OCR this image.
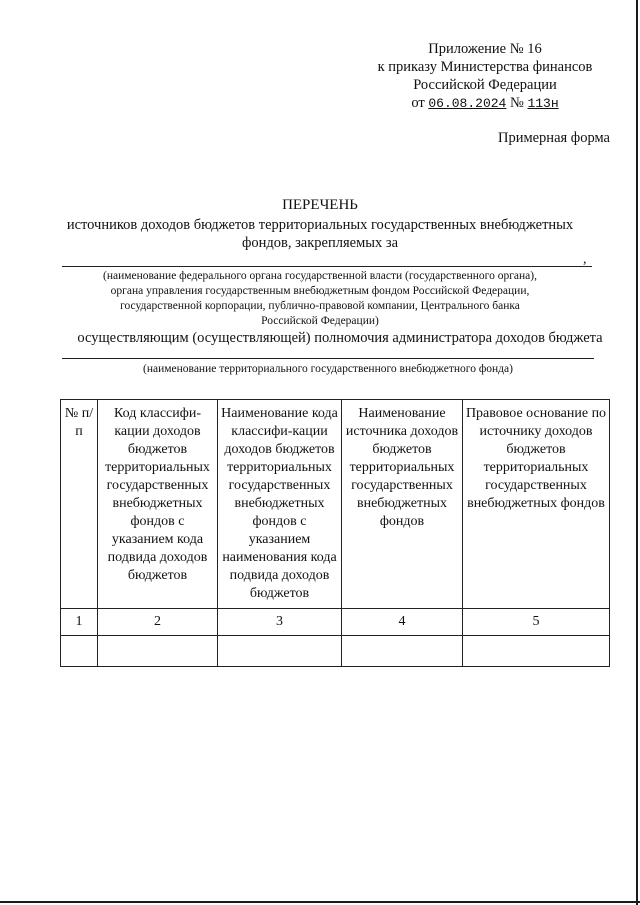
Приложение № 16
к приказу Министерства финансов
Российской Федерации
от 06.08.2024 № 113н
Примерная форма
ПЕРЕЧЕНЬ
источников доходов бюджетов территориальных государственных внебюджетных
фондов, закрепляемых за
,
(наименование федерального органа государственной власти (государственного органа),
органа управления государственным внебюджетным фондом Российской Федерации,
государственной корпорации, публично-правовой компании, Центрального банка
Российской Федерации)
осуществляющим (осуществляющей) полномочия администратора доходов бюджета
(наименование территориального государственного внебюджетного фонда)
№ п/п	Код классифи-кации доходов бюджетов территориальных государственных внебюджетных фондов с указанием кода подвида доходов бюджетов	Наименование кода классифи-кации доходов бюджетов территориальных государственных внебюджетных фондов с указанием наименования кода подвида доходов бюджетов	Наименование источника доходов бюджетов территориальных государственных внебюджетных фондов	Правовое основание по источнику доходов бюджетов территориальных государственных внебюджетных фондов
1	2	3	4	5
